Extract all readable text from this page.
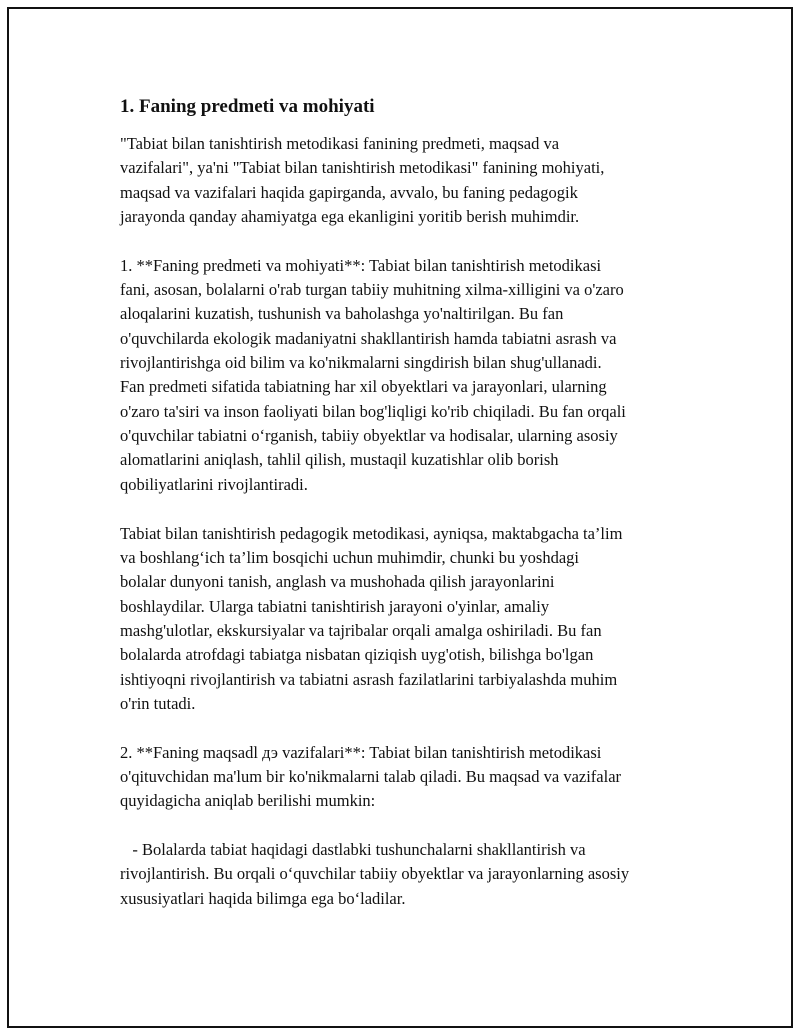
1. Faning predmeti va mohiyati

"Tabiat bilan tanishtirish metodikasi fanining predmeti, maqsad va

vazifalari", ya'ni "Tabiat bilan tanishtirish metodikasi" fanining mohiyati,

maqsad va vazifalari haqida gapirganda, avvalo, bu faning pedagogik

jarayonda qanday ahamiyatga ega ekanligini yoritib berish muhimdir.

1. **Faning predmeti va mohiyati**: Tabiat bilan tanishtirish metodikasi

fani, asosan, bolalarni o'rab turgan tabiiy muhitning xilma-xilligini va o'zaro

aloqalarini kuzatish, tushunish va baholashga yo'naltirilgan. Bu fan

o'quvchilarda ekologik madaniyatni shakllantirish hamda tabiatni asrash va

rivojlantirishga oid bilim va ko'nikmalarni singdirish bilan shug'ullanadi.

Fan predmeti sifatida tabiatning har xil obyektlari va jarayonlari, ularning

o'zaro ta'siri va inson faoliyati bilan bog'liqligi ko'rib chiqiladi. Bu fan orqali

o'quvchilar tabiatni o‘rganish, tabiiy obyektlar va hodisalar, ularning asosiy

alomatlarini aniqlash, tahlil qilish, mustaqil kuzatishlar olib borish

qobiliyatlarini rivojlantiradi.

Tabiat bilan tanishtirish pedagogik metodikasi, ayniqsa, maktabgacha ta’lim

va boshlang‘ich ta’lim bosqichi uchun muhimdir, chunki bu yoshdagi

bolalar dunyoni tanish, anglash va mushohada qilish jarayonlarini

boshlaydilar. Ularga tabiatni tanishtirish jarayoni o'yinlar, amaliy

mashg'ulotlar, ekskursiyalar va tajribalar orqali amalga oshiriladi. Bu fan

bolalarda atrofdagi tabiatga nisbatan qiziqish uyg'otish, bilishga bo'lgan

ishtiyoqni rivojlantirish va tabiatni asrash fazilatlarini tarbiyalashda muhim

o'rin tutadi.

2. **Faning maqsadl дэ vazifalari**: Tabiat bilan tanishtirish metodikasi

o'qituvchidan ma'lum bir ko'nikmalarni talab qiladi. Bu maqsad va vazifalar

quyidagicha aniqlab berilishi mumkin:

- Bolalarda tabiat haqidagi dastlabki tushunchalarni shakllantirish va

rivojlantirish. Bu orqali o‘quvchilar tabiiy obyektlar va jarayonlarning asosiy

xususiyatlari haqida bilimga ega bo‘ladilar.
